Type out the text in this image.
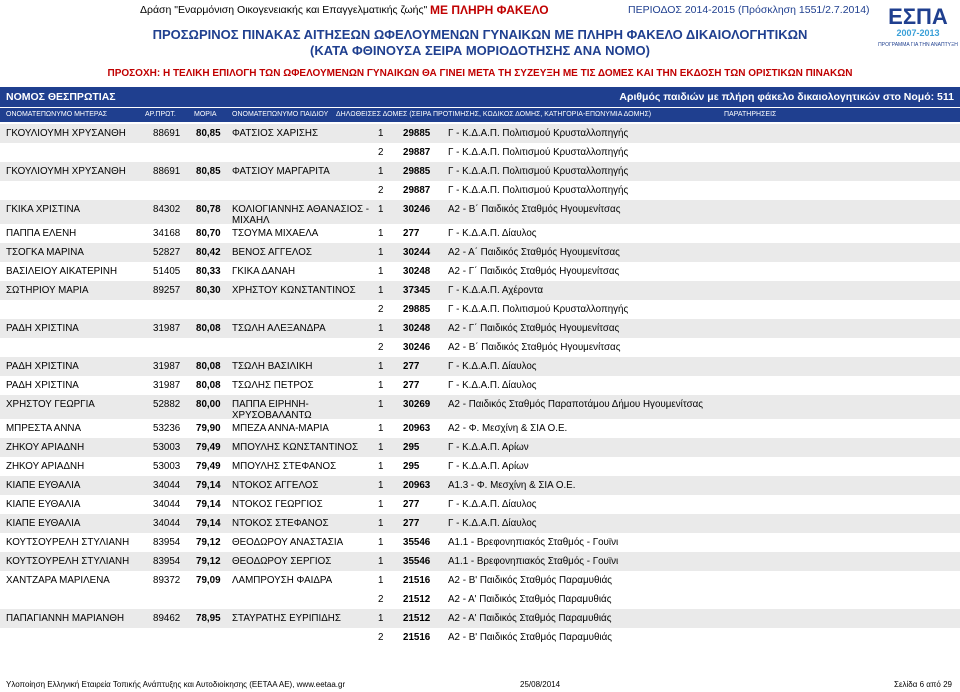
Δράση "Εναρμόνιση Οικογενειακής και Επαγγελματικής ζωής" ΜΕ ΠΛΗΡΗ ΦΑΚΕΛΟ	ΠΕΡΙΟΔΟΣ 2014-2015 (Πρόσκληση 1551/2.7.2014) ΕΣΠΑ
2007-2013
ΠΡΟΓΡΑΜΜΑ ΓΙΑ ΤΗΝ ΑΝΑΠΤΥΞΗ
ΠΡΟΣΩΡΙΝΟΣ ΠΙΝΑΚΑΣ ΑΙΤΗΣΕΩΝ ΩΦΕΛΟΥΜΕΝΩΝ ΓΥΝΑΙΚΩΝ ΜΕ ΠΛΗΡΗ ΦΑΚΕΛΟ ΔΙΚΑΙΟΛΟΓΗΤΙΚΩΝ
(ΚΑΤΑ ΦΘΙΝΟΥΣΑ ΣΕΙΡΑ ΜΟΡΙΟΔΟΤΗΣΗΣ ΑΝΑ ΝΟΜΟ)
ΠΡΟΣΟΧΗ: Η ΤΕΛΙΚΗ ΕΠΙΛΟΓΗ ΤΩΝ ΩΦΕΛΟΥΜΕΝΩΝ ΓΥΝΑΙΚΩΝ ΘΑ ΓΙΝΕΙ ΜΕΤΑ ΤΗ ΣΥΖΕΥΞΗ ΜΕ ΤΙΣ ΔΟΜΕΣ ΚΑΙ ΤΗΝ ΕΚΔΟΣΗ ΤΩΝ ΟΡΙΣΤΙΚΩΝ ΠΙΝΑΚΩΝ
ΝΟΜΟΣ ΘΕΣΠΡΩΤΙΑΣ	Αριθμός παιδιών με πλήρη φάκελο δικαιολογητικών στο Νομό: 511
ΟΝΟΜΑΤΕΠΩΝΥΜΟ ΜΗΤΕΡΑΣ	ΑΡ.ΠΡΩΤ.	ΜΟΡΙΑ ΟΝΟΜΑΤΕΠΩΝΥΜΟ ΠΑΙΔΙΟΥ ΔΗΛΩΘΕΙΣΕΣ ΔΟΜΕΣ (ΣΕΙΡΑ ΠΡΟΤΙΜΗΣΗΣ, ΚΩΔΙΚΟΣ ΔΟΜΗΣ, ΚΑΤΗΓΟΡΙΑ-ΕΠΩΝΥΜΙΑ ΔΟΜΗΣ)	ΠΑΡΑΤΗΡΗΣΕΙΣ
ΓΚΟΥΛΙΟΥΜΗ ΧΡΥΣΑΝΘΗ	88691 80,85 ΦΑΤΣΙΟΣ ΧΑΡΙΣΗΣ	1 29885 Γ - Κ.Δ.Α.Π. Πολιτισμού Κρυσταλλοπηγής
2 29887 Γ - Κ.Δ.Α.Π. Πολιτισμού Κρυσταλλοπηγής
ΓΚΟΥΛΙΟΥΜΗ ΧΡΥΣΑΝΘΗ	88691 80,85 ΦΑΤΣΙΟΥ ΜΑΡΓΑΡΙΤΑ	1 29885 Γ - Κ.Δ.Α.Π. Πολιτισμού Κρυσταλλοπηγής
2 29887 Γ - Κ.Δ.Α.Π. Πολιτισμού Κρυσταλλοπηγής
ΓΚΙΚΑ ΧΡΙΣΤΙΝΑ	84302 80,78 ΚΟΛΙΟΓΙΑΝΝΗΣ ΑΘΑΝΑΣΙΟΣ - ΜΙΧΑΗΛ
1 30246 Α2 - Β΄ Παιδικός Σταθμός Ηγουμενίτσας
ΠΑΠΠΑ ΕΛΕΝΗ	34168 80,70 ΤΣΟΥΜΑ ΜΙΧΑΕΛΑ	1 277	Γ - Κ.Δ.Α.Π. Δίαυλος
ΤΣΟΓΚΑ ΜΑΡΙΝΑ	52827 80,42 ΒΕΝΟΣ ΑΓΓΕΛΟΣ	1 30244 Α2 - Α΄ Παιδικός Σταθμός Ηγουμενίτσας
ΒΑΣΙΛΕΙΟΥ ΑΙΚΑΤΕΡΙΝΗ	51405 80,33 ΓΚΙΚΑ ΔΑΝΑΗ	1 30248 Α2 - Γ΄ Παιδικός Σταθμός Ηγουμενίτσας
ΣΩΤΗΡΙΟΥ ΜΑΡΙΑ	89257 80,30 ΧΡΗΣΤΟΥ ΚΩΝΣΤΑΝΤΙΝΟΣ	1 37345 Γ - Κ.Δ.Α.Π. Αχέροντα
2 29885 Γ - Κ.Δ.Α.Π. Πολιτισμού Κρυσταλλοπηγής
ΡΑΔΗ ΧΡΙΣΤΙΝΑ	31987 80,08 ΤΣΩΛΗ ΑΛΕΞΑΝΔΡΑ	1 30248 Α2 - Γ΄ Παιδικός Σταθμός Ηγουμενίτσας
2 30246 Α2 - Β΄ Παιδικός Σταθμός Ηγουμενίτσας
ΡΑΔΗ ΧΡΙΣΤΙΝΑ	31987 80,08 ΤΣΩΛΗ ΒΑΣΙΛΙΚΗ	1 277	Γ - Κ.Δ.Α.Π. Δίαυλος
ΡΑΔΗ ΧΡΙΣΤΙΝΑ	31987 80,08 ΤΣΩΛΗΣ ΠΕΤΡΟΣ	1 277	Γ - Κ.Δ.Α.Π. Δίαυλος
ΧΡΗΣΤΟΥ ΓΕΩΡΓΙΑ	52882 80,00 ΠΑΠΠΑ ΕΙΡΗΝΗ- ΧΡΥΣΟΒΑΛΑΝΤΩ
1 30269 Α2 - Παιδικός Σταθμός Παραποτάμου Δήμου Ηγουμενίτσας
ΜΠΡΕΣΤΑ ΑΝΝΑ	53236 79,90 ΜΠΕΖΑ ΑΝΝΑ-ΜΑΡΙΑ	1 20963 Α2 - Φ. Μεσχίνη & ΣΙΑ Ο.Ε.
ΖΗΚΟΥ ΑΡΙΑΔΝΗ	53003 79,49 ΜΠΟΥΛΗΣ ΚΩΝΣΤΑΝΤΙΝΟΣ	1 295	Γ - Κ.Δ.Α.Π. Αρίων
ΖΗΚΟΥ ΑΡΙΑΔΝΗ	53003 79,49 ΜΠΟΥΛΗΣ ΣΤΕΦΑΝΟΣ	1 295	Γ - Κ.Δ.Α.Π. Αρίων
ΚΙΑΠΕ ΕΥΘΑΛΙΑ	34044 79,14 ΝΤΟΚΟΣ ΑΓΓΕΛΟΣ	1 20963 Α1.3 - Φ. Μεσχίνη & ΣΙΑ Ο.Ε.
ΚΙΑΠΕ ΕΥΘΑΛΙΑ	34044 79,14 ΝΤΟΚΟΣ ΓΕΩΡΓΙΟΣ	1 277	Γ - Κ.Δ.Α.Π. Δίαυλος
ΚΙΑΠΕ ΕΥΘΑΛΙΑ	34044 79,14 ΝΤΟΚΟΣ ΣΤΕΦΑΝΟΣ	1 277	Γ - Κ.Δ.Α.Π. Δίαυλος
ΚΟΥΤΣΟΥΡΕΛΗ ΣΤΥΛΙΑΝΗ 83954 79,12 ΘΕΟΔΩΡΟΥ ΑΝΑΣΤΑΣΙΑ	1 35546 Α1.1 - Βρεφονηπιακός Σταθμός - Γουϊνι
ΚΟΥΤΣΟΥΡΕΛΗ ΣΤΥΛΙΑΝΗ 83954 79,12 ΘΕΟΔΩΡΟΥ ΣΕΡΓΙΟΣ	1 35546 Α1.1 - Βρεφονηπιακός Σταθμός - Γουϊνι
ΧΑΝΤΖΑΡΑ ΜΑΡΙΛΕΝΑ	89372 79,09 ΛΑΜΠΡΟΥΣΗ ΦΑΙΔΡΑ	1 21516 Α2 - Β' Παιδικός Σταθμός Παραμυθιάς
2 21512 Α2 - Α' Παιδικός Σταθμός Παραμυθιάς
ΠΑΠΑΓΙΑΝΝΗ ΜΑΡΙΑΝΘΗ	89462 78,95 ΣΤΑΥΡΑΤΗΣ ΕΥΡΙΠΙΔΗΣ	1 21512 Α2 - Α' Παιδικός Σταθμός Παραμυθιάς
2 21516 Α2 - Β' Παιδικός Σταθμός Παραμυθιάς
Υλοποίηση Ελληνική Εταιρεία Τοπικής Ανάπτυξης και Αυτοδιοίκησης (ΕΕΤΑΑ ΑΕ), www.eetaa.gr	25/08/2014	Σελίδα 6 από 29
